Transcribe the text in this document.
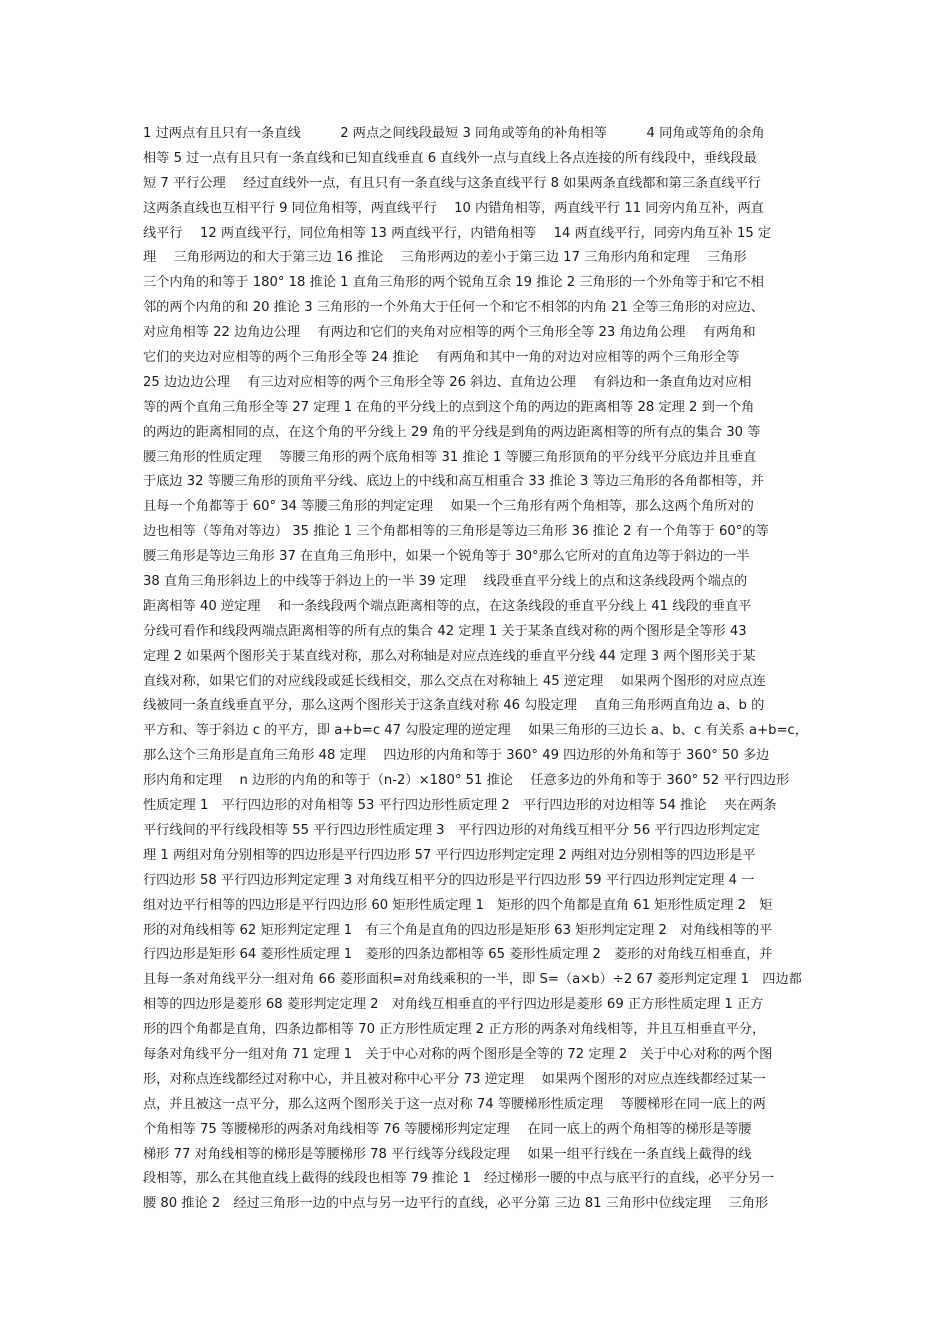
1 过两点有且只有一条直线　　　2 两点之间线段最短 3 同角或等角的补角相等　　　4 同角或等角的余角
相等 5 过一点有且只有一条直线和已知直线垂直 6 直线外一点与直线上各点连接的所有线段中，垂线段最
短 7 平行公理　 经过直线外一点，有且只有一条直线与这条直线平行 8 如果两条直线都和第三条直线平行
这两条直线也互相平行 9 同位角相等，两直线平行　 10 内错角相等，两直线平行 11 同旁内角互补，两直
线平行　 12 两直线平行，同位角相等 13 两直线平行，内错角相等　 14 两直线平行，同旁内角互补 15 定
理　 三角形两边的和大于第三边 16 推论　 三角形两边的差小于第三边 17 三角形内角和定理　 三角形
三个内角的和等于 180° 18 推论 1 直角三角形的两个锐角互余 19 推论 2 三角形的一个外角等于和它不相
邻的两个内角的和 20 推论 3 三角形的一个外角大于任何一个和它不相邻的内角 21 全等三角形的对应边、
对应角相等 22 边角边公理　 有两边和它们的夹角对应相等的两个三角形全等 23 角边角公理　 有两角和
它们的夹边对应相等的两个三角形全等 24 推论　 有两角和其中一角的对边对应相等的两个三角形全等
25 边边边公理　 有三边对应相等的两个三角形全等 26 斜边、直角边公理　 有斜边和一条直角边对应相
等的两个直角三角形全等 27 定理 1 在角的平分线上的点到这个角的两边的距离相等 28 定理 2 到一个角
的两边的距离相同的点，在这个角的平分线上 29 角的平分线是到角的两边距离相等的所有点的集合 30 等
腰三角形的性质定理　 等腰三角形的两个底角相等 31 推论 1 等腰三角形顶角的平分线平分底边并且垂直
于底边 32 等腰三角形的顶角平分线、底边上的中线和高互相重合 33 推论 3 等边三角形的各角都相等，并
且每一个角都等于 60° 34 等腰三角形的判定定理　 如果一个三角形有两个角相等，那么这两个角所对的
边也相等（等角对等边） 35 推论 1 三个角都相等的三角形是等边三角形 36 推论 2 有一个角等于 60°的等
腰三角形是等边三角形 37 在直角三角形中，如果一个锐角等于 30°那么它所对的直角边等于斜边的一半
38 直角三角形斜边上的中线等于斜边上的一半 39 定理　 线段垂直平分线上的点和这条线段两个端点的
距离相等 40 逆定理　 和一条线段两个端点距离相等的点，在这条线段的垂直平分线上 41 线段的垂直平
分线可看作和线段两端点距离相等的所有点的集合 42 定理 1 关于某条直线对称的两个图形是全等形 43
定理 2 如果两个图形关于某直线对称，那么对称轴是对应点连线的垂直平分线 44 定理 3 两个图形关于某
直线对称，如果它们的对应线段或延长线相交，那么交点在对称轴上 45 逆定理　 如果两个图形的对应点连
线被同一条直线垂直平分，那么这两个图形关于这条直线对称 46 勾股定理　 直角三角形两直角边 a、b 的
平方和、等于斜边 c 的平方，即 a+b=c 47 勾股定理的逆定理　 如果三角形的三边长 a、b、c 有关系 a+b=c，
那么这个三角形是直角三角形 48 定理　 四边形的内角和等于 360° 49 四边形的外角和等于 360° 50 多边
形内角和定理　 n 边形的内角的和等于（n-2）×180° 51 推论　 任意多边的外角和等于 360° 52 平行四边形
性质定理 1　平行四边形的对角相等 53 平行四边形性质定理 2　平行四边形的对边相等 54 推论　 夹在两条
平行线间的平行线段相等 55 平行四边形性质定理 3　平行四边形的对角线互相平分 56 平行四边形判定定
理 1 两组对角分别相等的四边形是平行四边形 57 平行四边形判定定理 2 两组对边分别相等的四边形是平
行四边形 58 平行四边形判定定理 3 对角线互相平分的四边形是平行四边形 59 平行四边形判定定理 4 一
组对边平行相等的四边形是平行四边形 60 矩形性质定理 1　矩形的四个角都是直角 61 矩形性质定理 2　矩
形的对角线相等 62 矩形判定定理 1　有三个角是直角的四边形是矩形 63 矩形判定定理 2　对角线相等的平
行四边形是矩形 64 菱形性质定理 1　菱形的四条边都相等 65 菱形性质定理 2　菱形的对角线互相垂直，并
且每一条对角线平分一组对角 66 菱形面积=对角线乘积的一半，即 S=（a×b）÷2 67 菱形判定定理 1　四边都
相等的四边形是菱形 68 菱形判定定理 2　对角线互相垂直的平行四边形是菱形 69 正方形性质定理 1 正方
形的四个角都是直角，四条边都相等 70 正方形性质定理 2 正方形的两条对角线相等，并且互相垂直平分，
每条对角线平分一组对角 71 定理 1　关于中心对称的两个图形是全等的 72 定理 2　关于中心对称的两个图
形，对称点连线都经过对称中心，并且被对称中心平分 73 逆定理　 如果两个图形的对应点连线都经过某一
点，并且被这一点平分，那么这两个图形关于这一点对称 74 等腰梯形性质定理　 等腰梯形在同一底上的两
个角相等 75 等腰梯形的两条对角线相等 76 等腰梯形判定定理　 在同一底上的两个角相等的梯形是等腰
梯形 77 对角线相等的梯形是等腰梯形 78 平行线等分线段定理　 如果一组平行线在一条直线上截得的线
段相等，那么在其他直线上截得的线段也相等 79 推论 1　经过梯形一腰的中点与底平行的直线，必平分另一
腰 80 推论 2　经过三角形一边的中点与另一边平行的直线，必平分第 三边 81 三角形中位线定理　 三角形
